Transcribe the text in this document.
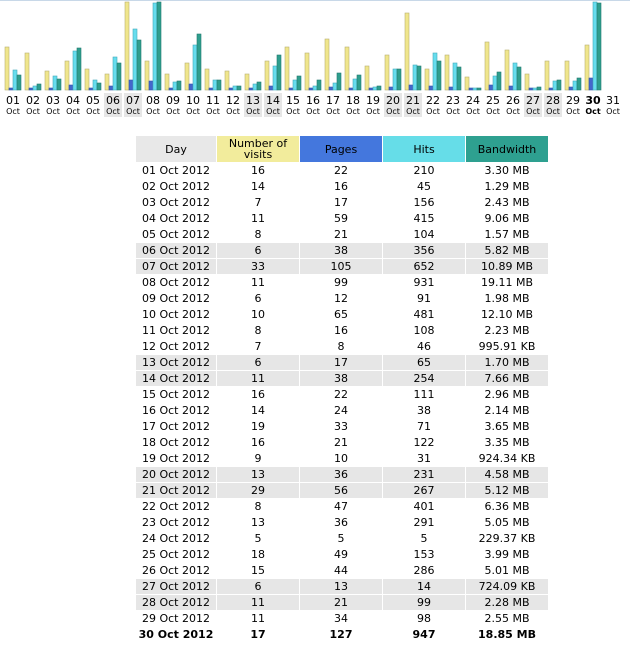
01
Oct
02
Oct
03
Oct
04
Oct
05
Oct
06
Oct
07
Oct
08
Oct
09
Oct
10
Oct
11
Oct
12
Oct
13
Oct
14
Oct
15
Oct
16
Oct
17
Oct
18
Oct
19
Oct
20
Oct
21
Oct
22
Oct
23
Oct
24
Oct
25
Oct
26
Oct
27
Oct
28
Oct
29
Oct
30
Oct
31
Oct
Day	Number of visits	Pages	Hits	Bandwidth
01 Oct 2012	16	22	210	3.30 MB
02 Oct 2012	14	16	45	1.29 MB
03 Oct 2012	7	17	156	2.43 MB
04 Oct 2012	11	59	415	9.06 MB
05 Oct 2012	8	21	104	1.57 MB
06 Oct 2012	6	38	356	5.82 MB
07 Oct 2012	33	105	652	10.89 MB
08 Oct 2012	11	99	931	19.11 MB
09 Oct 2012	6	12	91	1.98 MB
10 Oct 2012	10	65	481	12.10 MB
11 Oct 2012	8	16	108	2.23 MB
12 Oct 2012	7	8	46	995.91 KB
13 Oct 2012	6	17	65	1.70 MB
14 Oct 2012	11	38	254	7.66 MB
15 Oct 2012	16	22	111	2.96 MB
16 Oct 2012	14	24	38	2.14 MB
17 Oct 2012	19	33	71	3.65 MB
18 Oct 2012	16	21	122	3.35 MB
19 Oct 2012	9	10	31	924.34 KB
20 Oct 2012	13	36	231	4.58 MB
21 Oct 2012	29	56	267	5.12 MB
22 Oct 2012	8	47	401	6.36 MB
23 Oct 2012	13	36	291	5.05 MB
24 Oct 2012	5	5	5	229.37 KB
25 Oct 2012	18	49	153	3.99 MB
26 Oct 2012	15	44	286	5.01 MB
27 Oct 2012	6	13	14	724.09 KB
28 Oct 2012	11	21	99	2.28 MB
29 Oct 2012	11	34	98	2.55 MB
30 Oct 2012	17	127	947	18.85 MB
